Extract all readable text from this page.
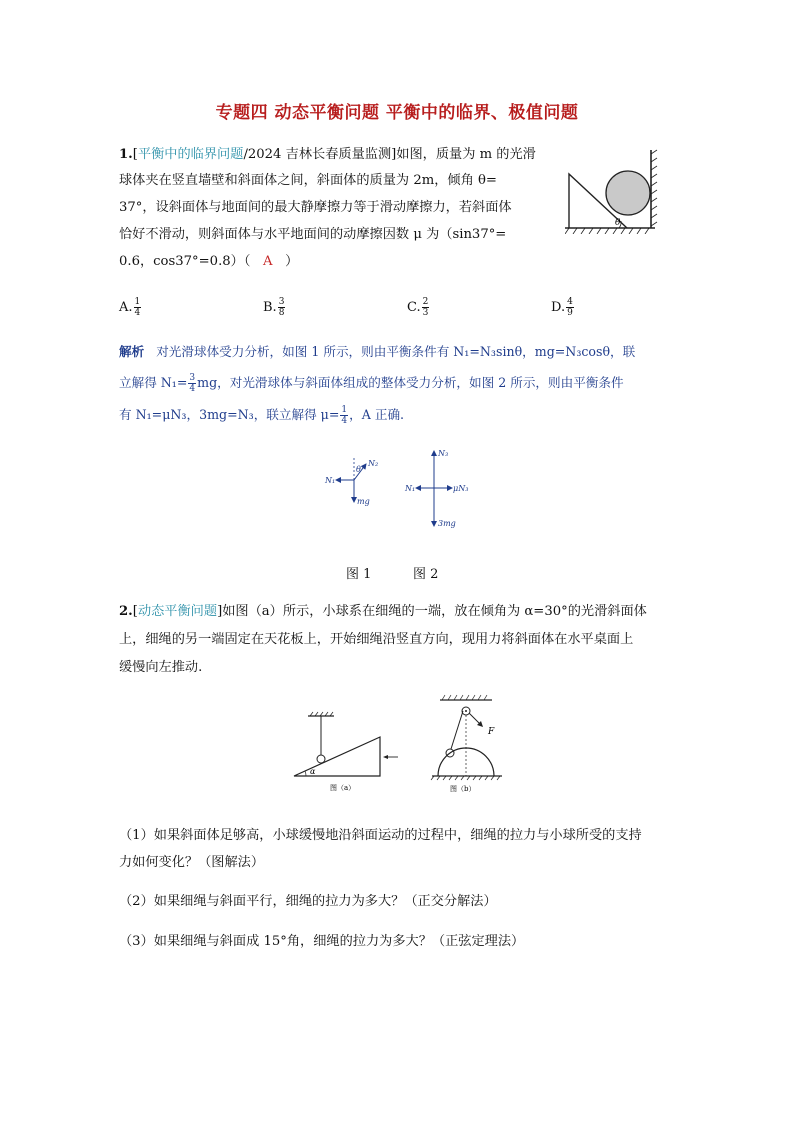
专题四 动态平衡问题 平衡中的临界、极值问题
1.[平衡中的临界问题/2024 吉林长春质量监测]如图，质量为 m 的光滑
球体夹在竖直墙壁和斜面体之间，斜面体的质量为 2m，倾角 θ=
37°，设斜面体与地面间的最大静摩擦力等于滑动摩擦力，若斜面体
恰好不滑动，则斜面体与水平地面间的动摩擦因数 μ 为（sin37°=
0.6，cos37°=0.8）（ A ）
θ
A. $\frac{1}{4}$	B. $\frac{3}{8}$	C. $\frac{2}{3}$	D. $\frac{4}{9}$
解析 对光滑球体受力分析，如图 1 所示，则由平衡条件有 N₁=N₃sinθ，mg=N₃cosθ，联
立解得 $N_1= \frac{3}{4}$ mg，对光滑球体与斜面体组成的整体受力分析，如图 2 所示，则由平衡条件
有 N₁=μN₃，3mg=N₃，联立解得 $\mu= \frac{1}{4}$ ，A 正确.
N₁
N₂
θ
mg
N₃
N₁	μN₃
3mg
图 1	图 2
2.[动态平衡问题]如图（a）所示，小球系在细绳的一端，放在倾角为 α=30°的光滑斜面体
上，细绳的另一端固定在天花板上，开始细绳沿竖直方向，现用力将斜面体在水平桌面上
缓慢向左推动.
α
图（a）
F
图（b）
（1）如果斜面体足够高，小球缓慢地沿斜面运动的过程中，细绳的拉力与小球所受的支持
力如何变化？（图解法）
（2）如果细绳与斜面平行，细绳的拉力为多大？（正交分解法）
（3）如果细绳与斜面成 15°角，细绳的拉力为多大？（正弦定理法）
